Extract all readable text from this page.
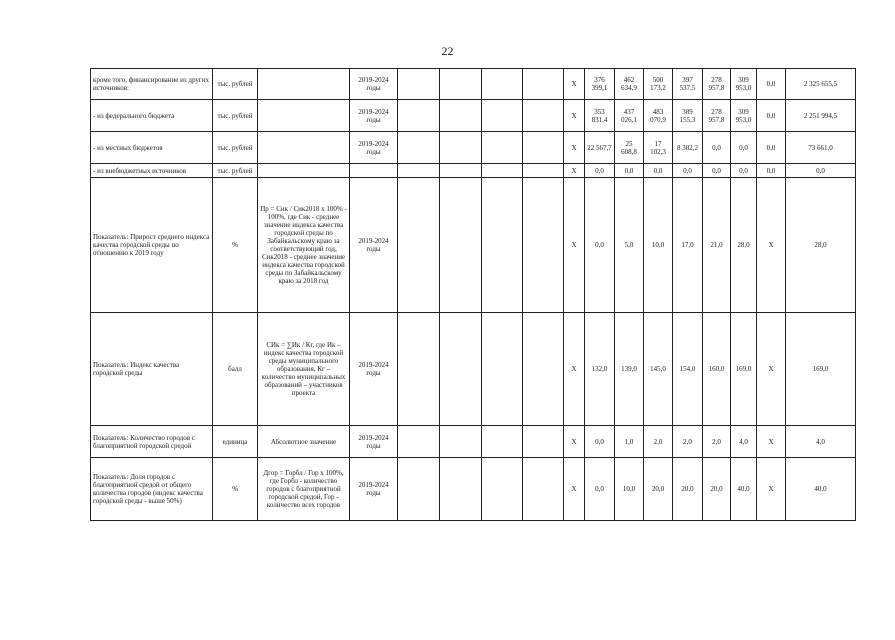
22
кроме того, финансирование из других источников:	тыс. рублей		2019-2024 годы					Х	376 399,1	462 634,9	500 173,2	397 537,5	278 957,8	309 953,0	0,0	2 325 655,5
- из федерального бюджета	тыс. рублей		2019-2024 годы					Х	353 831,4	437 026,1	483 070,9	389 155,3	278 957,8	309 953,0	0,0	2 251 994,5
- из местных бюджетов	тыс. рублей		2019-2024 годы					Х	22 567,7	25 608,8	17 102,3	8 382,2	0,0	0,0	0,0	73 661,0
- из внебюджетных источников	тыс. рублей							Х	0,0	0,0	0,0	0,0	0,0	0,0	0,0	0,0
Показатель: Прирост среднего индекса качества городской среды по отношению к 2019 году	%	Пр = Сик / Сик2018 x 100% - 100%, где Сик - среднее значение индекса качества городской среды по Забайкальскому краю за соответствующий год, Сик2018 - среднее значение индекса качества городской среды по Забайкальскому краю за 2018 год	2019-2024 годы					Х	0,0	5,0	10,0	17,0	21,0	28,0	Х	28,0
Показатель: Индекс качества городской среды	балл	СИк = ∑Ик / Кг, где Ик – индекс качества городской среды муниципального образования, Кг – количество муниципальных образований – участников проекта	2019-2024 годы					Х	132,0	139,0	145,0	154,0	160,0	169,0	Х	169,0
Показатель: Количество городов с благоприятной городской средой	единица	Абсолютное значение	2019-2024 годы					Х	0,0	1,0	2,0	2,0	2,0	4,0	Х	4,0
Показатель: Доля городов с благоприятной средой от общего количества городов (индекс качества городской среды - выше 50%)	%	Дгор = Горбл / Гор x 100%, где Горбл - количество городов с благоприятной городской средой, Гор - количество всех городов	2019-2024 годы					Х	0,0	10,0	20,0	20,0	20,0	40,0	Х	40,0
